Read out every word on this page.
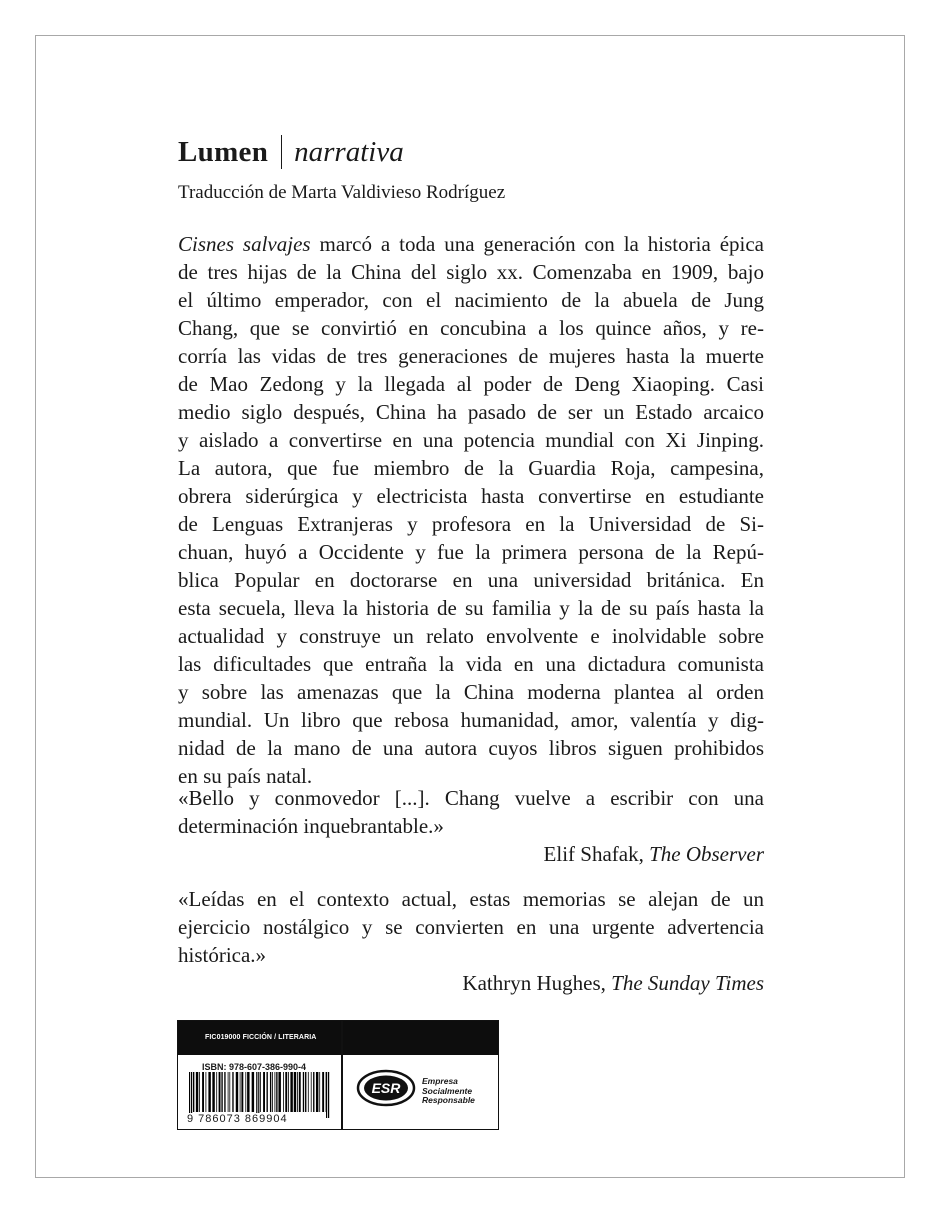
Lumen narrativa
Traducción de Marta Valdivieso Rodríguez
Cisnes salvajes marcó a toda una generación con la historia épica
de tres hijas de la China del siglo xx. Comenzaba en 1909, bajo
el último emperador, con el nacimiento de la abuela de Jung
Chang, que se convirtió en concubina a los quince años, y re-
corría las vidas de tres generaciones de mujeres hasta la muerte
de Mao Zedong y la llegada al poder de Deng Xiaoping. Casi
medio siglo después, China ha pasado de ser un Estado arcaico
y aislado a convertirse en una potencia mundial con Xi Jinping.
La autora, que fue miembro de la Guardia Roja, campesina,
obrera siderúrgica y electricista hasta convertirse en estudiante
de Lenguas Extranjeras y profesora en la Universidad de Si-
chuan, huyó a Occidente y fue la primera persona de la Repú-
blica Popular en doctorarse en una universidad británica. En
esta secuela, lleva la historia de su familia y la de su país hasta la
actualidad y construye un relato envolvente e inolvidable sobre
las dificultades que entraña la vida en una dictadura comunista
y sobre las amenazas que la China moderna plantea al orden
mundial. Un libro que rebosa humanidad, amor, valentía y dig-
nidad de la mano de una autora cuyos libros siguen prohibidos
en su país natal.
«Bello y conmovedor [...]. Chang vuelve a escribir con una
determinación inquebrantable.»
Elif Shafak, The Observer
«Leídas en el contexto actual, estas memorias se alejan de un
ejercicio nostálgico y se convierten en una urgente advertencia
histórica.»
Kathryn Hughes, The Sunday Times
FIC019000 FICCIÓN / LITERARIA
ISBN: 978-607-386-990-4
9 786073 869904
ESR	Empresa
Socialmente
Responsable
